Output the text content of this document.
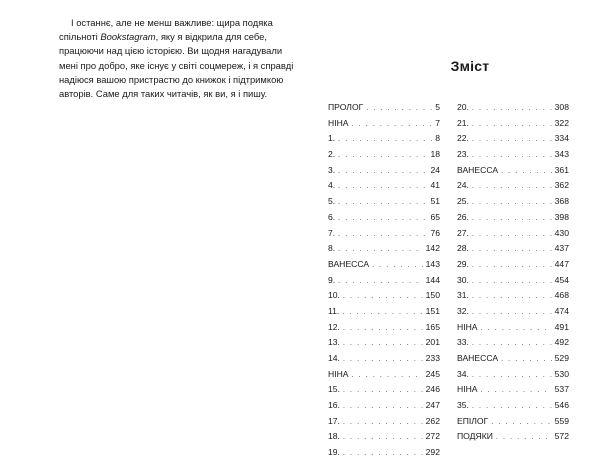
І останнє, але не менш важливе: щира подяка спільноті Bookstagram, яку я відкрила для себе, працюючи над цією історією. Ви щодня нагадували мені про добро, яке існує у світі соцмереж, і я справді надіюся вашою пристрастю до книжок і підтримкою авторів. Саме для таких читачів, як ви, я і пишу.

Зміст
ПРОЛОГ . . .	5
НІНА . . .	7
1. . . .	8
2. . . .	18
3. . . .	24
4. . . .	41
5. . . .	51
6. . . .	65
7. . . .	76
8. . . .	142
ВАНЕССА . . .	143
9. . . .	144
10. . . .	150
11. . . .	151
12. . . .	165
13. . . .	201
14. . . .	233
НІНА . . .	245
15. . . .	246
16. . . .	247
17. . . .	262
18. . . .	272
19. . . .	292
20. . . .	308
21. . . .	322
22. . . .	334
23. . . .	343
ВАНЕССА . . .	361
24. . . .	362
25. . . .	368
26. . . .	398
27. . . .	430
28. . . .	437
29. . . .	447
30. . . .	454
31. . . .	468
32. . . .	474
НІНА . . .	491
33. . . .	492
ВАНЕССА . . .	529
34. . . .	530
НІНА . . .	537
35. . . .	546
ЕПІЛОГ . . .	559
ПОДЯКИ . . .	572
